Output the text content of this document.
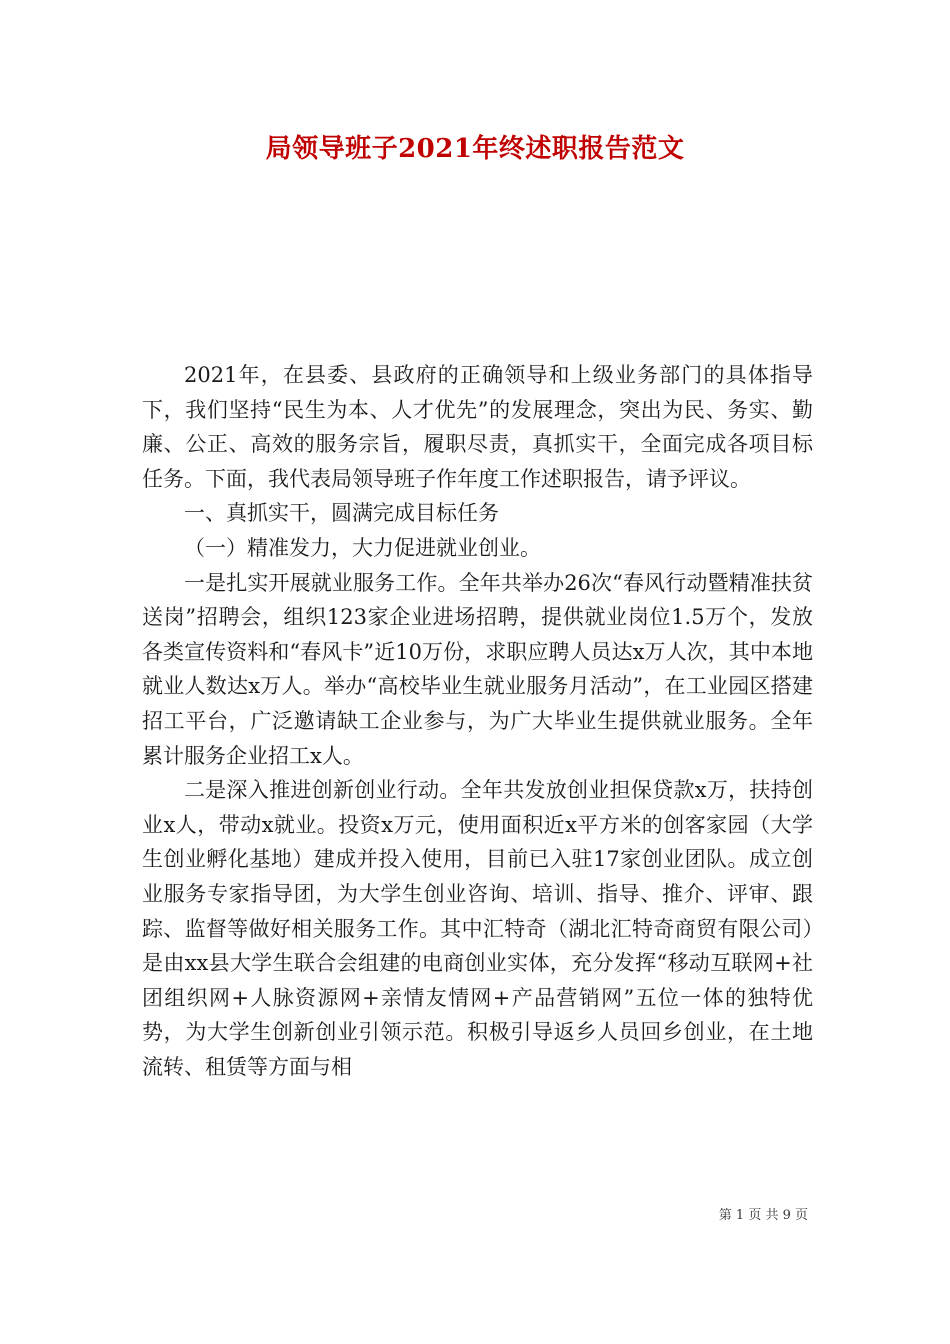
局领导班子2021年终述职报告范文

2021年，在县委、县政府的正确领导和上级业务部门的具体指导下，我们坚持“民生为本、人才优先”的发展理念，突出为民、务实、勤廉、公正、高效的服务宗旨，履职尽责，真抓实干，全面完成各项目标任务。下面，我代表局领导班子作年度工作述职报告，请予评议。

一、真抓实干，圆满完成目标任务

（一）精准发力，大力促进就业创业。

一是扎实开展就业服务工作。全年共举办26次“春风行动暨精准扶贫送岗”招聘会，组织123家企业进场招聘，提供就业岗位1.5万个，发放各类宣传资料和“春风卡”近10万份，求职应聘人员达x万人次，其中本地就业人数达x万人。举办“高校毕业生就业服务月活动”，在工业园区搭建招工平台，广泛邀请缺工企业参与，为广大毕业生提供就业服务。全年累计服务企业招工x人。

二是深入推进创新创业行动。全年共发放创业担保贷款x万，扶持创业x人，带动x就业。投资x万元，使用面积近x平方米的创客家园（大学生创业孵化基地）建成并投入使用，目前已入驻17家创业团队。成立创业服务专家指导团，为大学生创业咨询、培训、指导、推介、评审、跟踪、监督等做好相关服务工作。其中汇特奇（湖北汇特奇商贸有限公司）是由xx县大学生联合会组建的电商创业实体，充分发挥“移动互联网+社团组织网+人脉资源网+亲情友情网+产品营销网”五位一体的独特优势，为大学生创新创业引领示范。积极引导返乡人员回乡创业，在土地流转、租赁等方面与相

第 1 页 共 9 页
